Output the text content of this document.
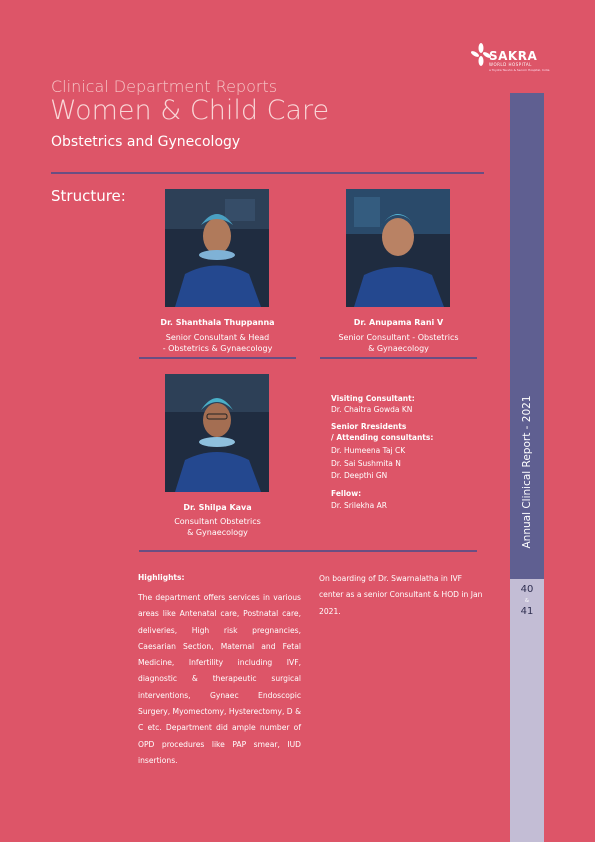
SAKRA
WORLD HOSPITAL
a Toyota Tsusho & Secom Hospital, India
Clinical Department Reports
Women & Child Care
Obstetrics and Gynecology
Structure:
Dr. Shanthala Thuppanna
Senior Consultant & Head
- Obstetrics & Gynaecology
Dr. Anupama Rani V
Senior Consultant - Obstetrics
& Gynaecology
Dr. Shilpa Kava
Consultant Obstetrics
& Gynaecology
Visiting Consultant:
Dr. Chaitra Gowda KN
Senior Rresidents
/ Attending consultants:
Dr. Humeena Taj CK
Dr. Sai Sushmita N
Dr. Deepthi GN
Fellow:
Dr. Srilekha AR
Highlights:
The department offers services in various areas like Antenatal care, Postnatal care, deliveries, High risk pregnancies, Caesarian Section, Maternal and Fetal Medicine, Infertility including IVF, diagnostic & therapeutic surgical interventions, Gynaec Endoscopic Surgery, Myomectomy, Hysterectomy, D & C etc. Department did ample number of OPD procedures like PAP smear, IUD insertions.
On boarding of Dr. Swarnalatha in IVF center as a senior Consultant & HOD in Jan 2021.
Annual Clinical Report - 2021
40
&
41
